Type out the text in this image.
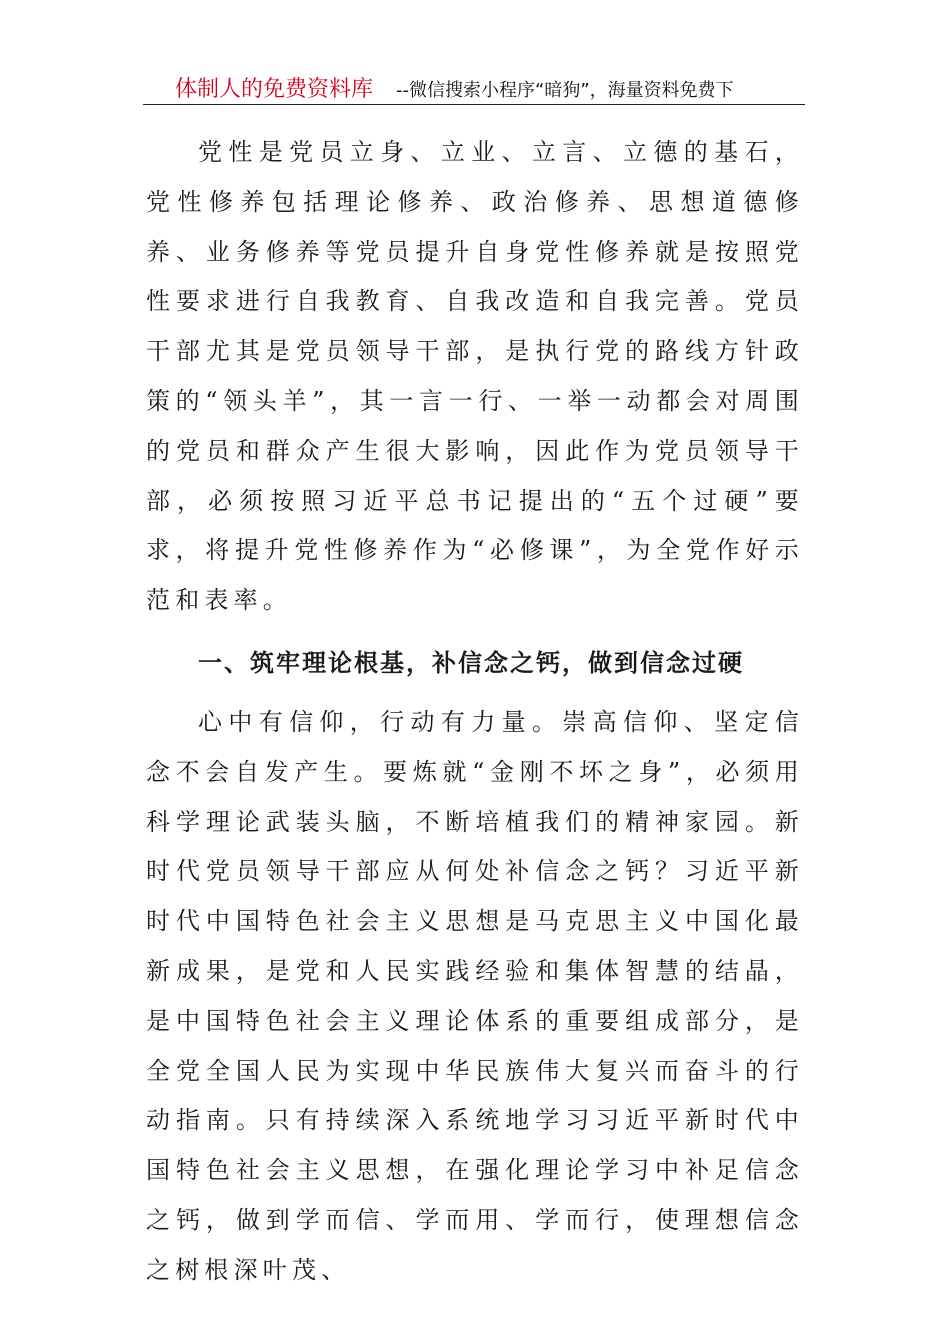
体制人的免费资料库 --微信搜索小程序“暗狗”，海量资料免费下

党性是党员立身、立业、立言、立德的基石，党性修养包括理论修养、政治修养、思想道德修养、业务修养等党员提升自身党性修养就是按照党性要求进行自我教育、自我改造和自我完善。党员干部尤其是党员领导干部，是执行党的路线方针政策的“领头羊”，其一言一行、一举一动都会对周围的党员和群众产生很大影响，因此作为党员领导干部，必须按照习近平总书记提出的“五个过硬”要求，将提升党性修养作为“必修课”，为全党作好示范和表率。

一、筑牢理论根基，补信念之钙，做到信念过硬

心中有信仰，行动有力量。崇高信仰、坚定信念不会自发产生。要炼就“金刚不坏之身”，必须用科学理论武装头脑，不断培植我们的精神家园。新时代党员领导干部应从何处补信念之钙？习近平新时代中国特色社会主义思想是马克思主义中国化最新成果，是党和人民实践经验和集体智慧的结晶，是中国特色社会主义理论体系的重要组成部分，是全党全国人民为实现中华民族伟大复兴而奋斗的行动指南。只有持续深入系统地学习习近平新时代中国特色社会主义思想，在强化理论学习中补足信念之钙，做到学而信、学而用、学而行，使理想信念之树根深叶茂、
